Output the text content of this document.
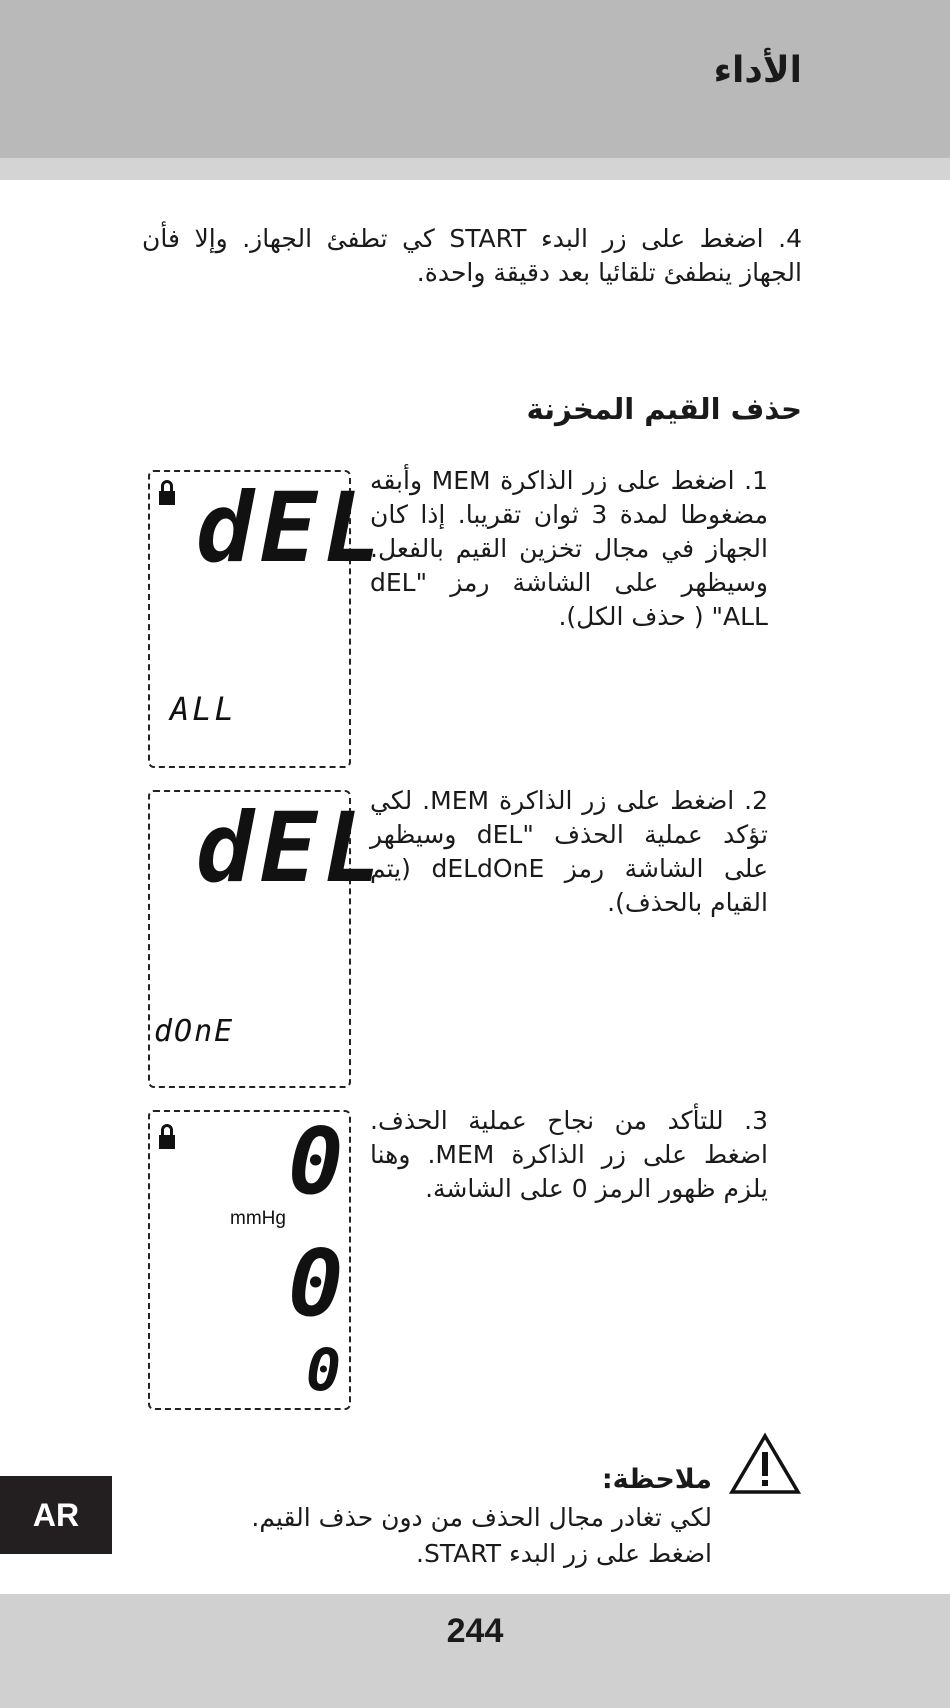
الأداء
4. اضغط على زر البدء START كي تطفئ الجهاز. وإلا فأن الجهاز ينطفئ تلقائيا بعد دقيقة واحدة.
حذف القيم المخزنة
1. اضغط على زر الذاكرة MEM وأبقه مضغوطا لمدة 3 ثوان تقريبا. إذا كان الجهاز في مجال تخزين القيم بالفعل. وسيظهر على الشاشة رمز "dEL ALL" ( حذف الكل).
dEL
ALL
2. اضغط على زر الذاكرة MEM. لكي تؤكد عملية الحذف "dEL وسيظهر على الشاشة رمز dELdOnE (يتم القيام بالحذف).
dEL
dOnE
3. للتأكد من نجاح عملية الحذف. اضغط على زر الذاكرة MEM. وهنا يلزم ظهور الرمز 0 على الشاشة.
0
mmHg
0
0
ملاحظة:
لكي تغادر مجال الحذف من دون حذف القيم.
اضغط على زر البدء START.
AR
244
